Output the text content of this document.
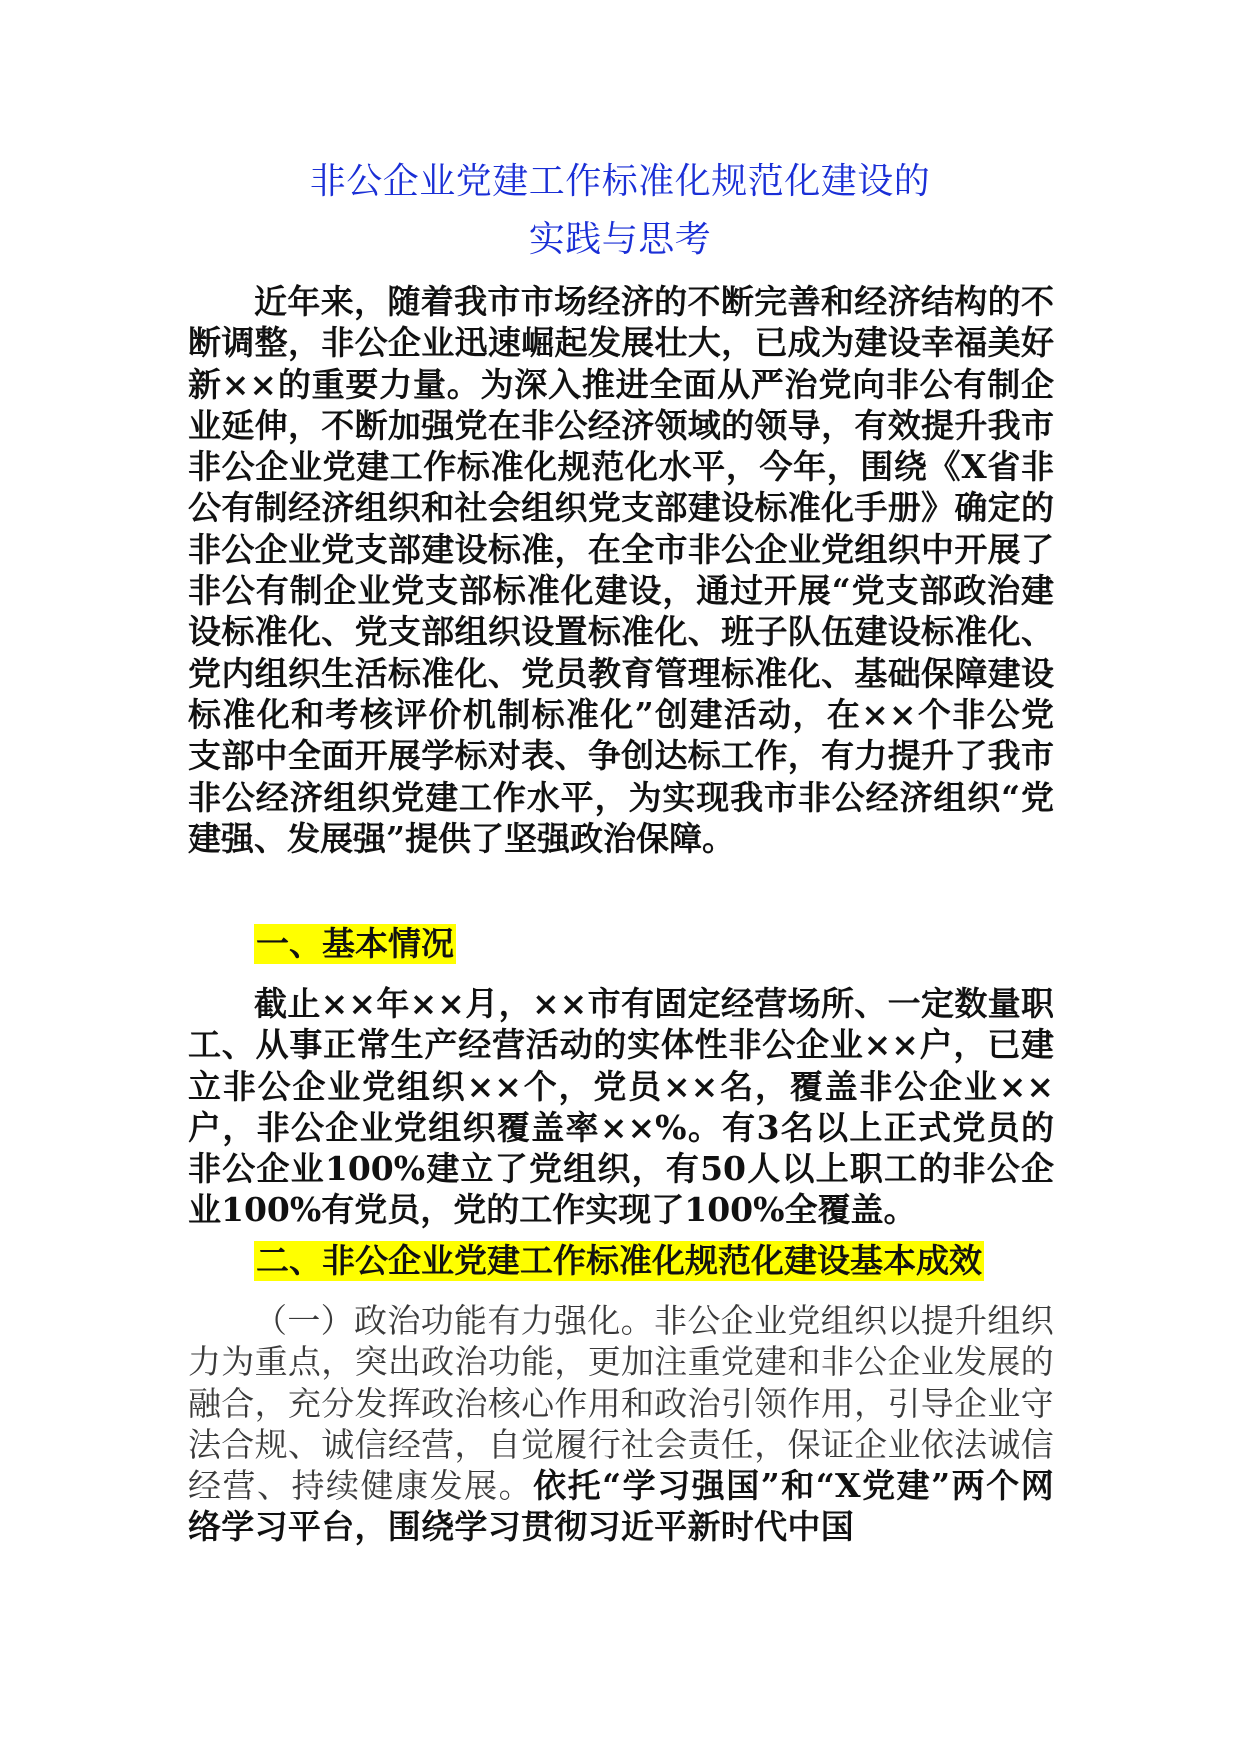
非公企业党建工作标准化规范化建设的
实践与思考

近年来，随着我市市场经济的不断完善和经济结构的不断调整，非公企业迅速崛起发展壮大，已成为建设幸福美好新××的重要力量。为深入推进全面从严治党向非公有制企业延伸，不断加强党在非公经济领域的领导，有效提升我市非公企业党建工作标准化规范化水平，今年，围绕《X省非公有制经济组织和社会组织党支部建设标准化手册》确定的非公企业党支部建设标准，在全市非公企业党组织中开展了非公有制企业党支部标准化建设，通过开展“党支部政治建设标准化、党支部组织设置标准化、班子队伍建设标准化、党内组织生活标准化、党员教育管理标准化、基础保障建设标准化和考核评价机制标准化”创建活动，在××个非公党支部中全面开展学标对表、争创达标工作，有力提升了我市非公经济组织党建工作水平，为实现我市非公经济组织“党建强、发展强”提供了坚强政治保障。

一、基本情况

截止××年××月，××市有固定经营场所、一定数量职工、从事正常生产经营活动的实体性非公企业××户，已建立非公企业党组织××个，党员××名，覆盖非公企业××户，非公企业党组织覆盖率××%。有3名以上正式党员的非公企业100%建立了党组织，有50人以上职工的非公企业100%有党员，党的工作实现了100%全覆盖。

二、非公企业党建工作标准化规范化建设基本成效

（一）政治功能有力强化。非公企业党组织以提升组织力为重点，突出政治功能，更加注重党建和非公企业发展的融合，充分发挥政治核心作用和政治引领作用，引导企业守法合规、诚信经营，自觉履行社会责任，保证企业依法诚信经营、持续健康发展。依托“学习强国”和“X党建”两个网络学习平台，围绕学习贯彻习近平新时代中国
